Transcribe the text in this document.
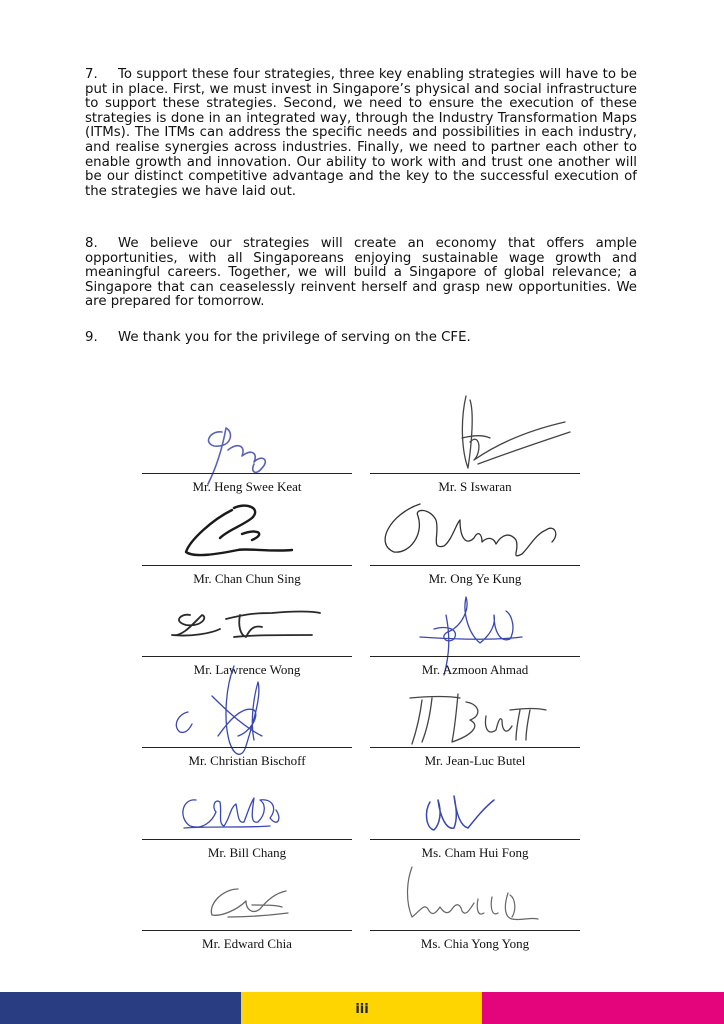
7. To support these four strategies, three key enabling strategies will have to be put in place. First, we must invest in Singapore’s physical and social infrastructure to support these strategies. Second, we need to ensure the execution of these strategies is done in an integrated way, through the Industry Transformation Maps (ITMs). The ITMs can address the specific needs and possibilities in each industry, and realise synergies across industries. Finally, we need to partner each other to enable growth and innovation. Our ability to work with and trust one another will be our distinct competitive advantage and the key to the successful execution of the strategies we have laid out.

8. We believe our strategies will create an economy that offers ample opportunities, with all Singaporeans enjoying sustainable wage growth and meaningful careers. Together, we will build a Singapore of global relevance; a Singapore that can ceaselessly reinvent herself and grasp new opportunities. We are prepared for tomorrow.

9. We thank you for the privilege of serving on the CFE.

Mr. Heng Swee Keat	Mr. S Iswaran
Mr. Chan Chun Sing	Mr. Ong Ye Kung
Mr. Lawrence Wong	Mr. Azmoon Ahmad
Mr. Christian Bischoff	Mr. Jean-Luc Butel
Mr. Bill Chang	Ms. Cham Hui Fong
Mr. Edward Chia	Ms. Chia Yong Yong
iii
